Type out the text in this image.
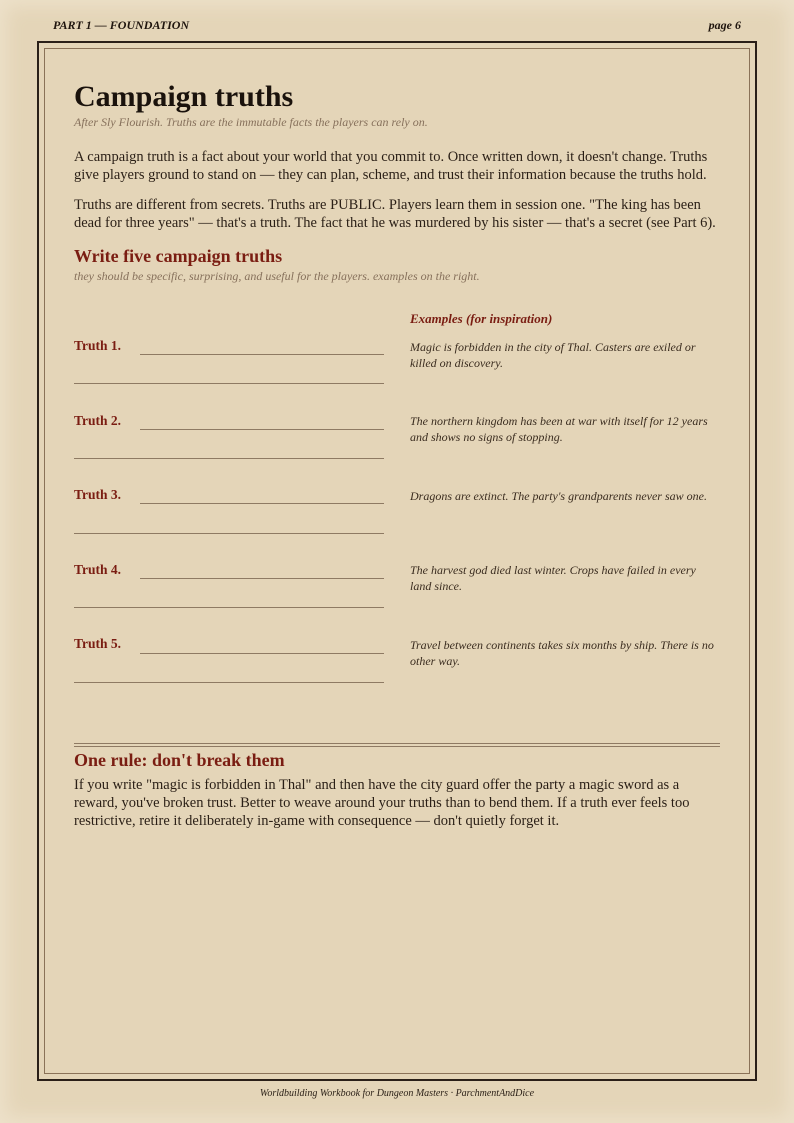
PART 1 — FOUNDATION	page 6
Campaign truths
After Sly Flourish. Truths are the immutable facts the players can rely on.

A campaign truth is a fact about your world that you commit to. Once written down, it doesn't change. Truths give players ground to stand on — they can plan, scheme, and trust their information because the truths hold.

Truths are different from secrets. Truths are PUBLIC. Players learn them in session one. "The king has been dead for three years" — that's a truth. The fact that he was murdered by his sister — that's a secret (see Part 6).

Write five campaign truths
they should be specific, surprising, and useful for the players. examples on the right.
Examples (for inspiration)
Truth 1.	Magic is forbidden in the city of Thal. Casters are exiled or killed on discovery.
Truth 2.	The northern kingdom has been at war with itself for 12 years and shows no signs of stopping.
Truth 3.	Dragons are extinct. The party's grandparents never saw one.
Truth 4.	The harvest god died last winter. Crops have failed in every land since.
Truth 5.	Travel between continents takes six months by ship. There is no other way.
One rule: don't break them

If you write "magic is forbidden in Thal" and then have the city guard offer the party a magic sword as a reward, you've broken trust. Better to weave around your truths than to bend them. If a truth ever feels too restrictive, retire it deliberately in-game with consequence — don't quietly forget it.

Worldbuilding Workbook for Dungeon Masters · ParchmentAndDice
